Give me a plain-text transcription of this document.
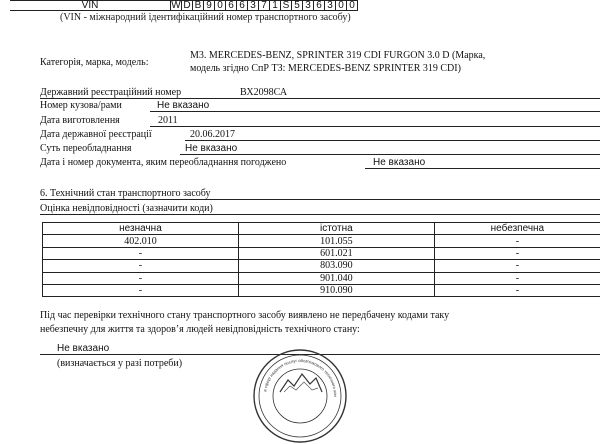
VIN	W	D	B	9	0	6	6	3	7	1	S	5	3	6	3	0	0
(VIN - міжнародний ідентифікаційний номер транспортного засобу)
Категорія, марка, модель:
М3. MERCEDES-BENZ, SPRINTER 319 CDI FURGON 3.0 D (Марка,
модель згідно СпР ТЗ: MERCEDES-BENZ SPRINTER 319 CDI)
Державний реєстраційний номер	ВХ2098СА
Номер кузова/рами	Не вказано
Дата виготовлення	2011
Дата державної реєстрації	20.06.2017
Суть переобладнання	Не вказано
Дата і номер документа, яким переобладнання погоджено	Не вказано
6. Технічний стан транспортного засобу
Оцінка невідповідності (зазначити коди)
незначна	істотна	небезпечна
402.010	101.055	-
-	601.021	-
-	803.090	-
-	901.040	-
-	910.090	-
Під час перевірки технічного стану транспортного засобу виявлено не передбачену кодами таку
небезпечну для життя та здоров’я людей невідповідність технічного стану:
Не вказано
(визначається у разі потреби)
в сфері надання послуг обов'язкового технічного кон
